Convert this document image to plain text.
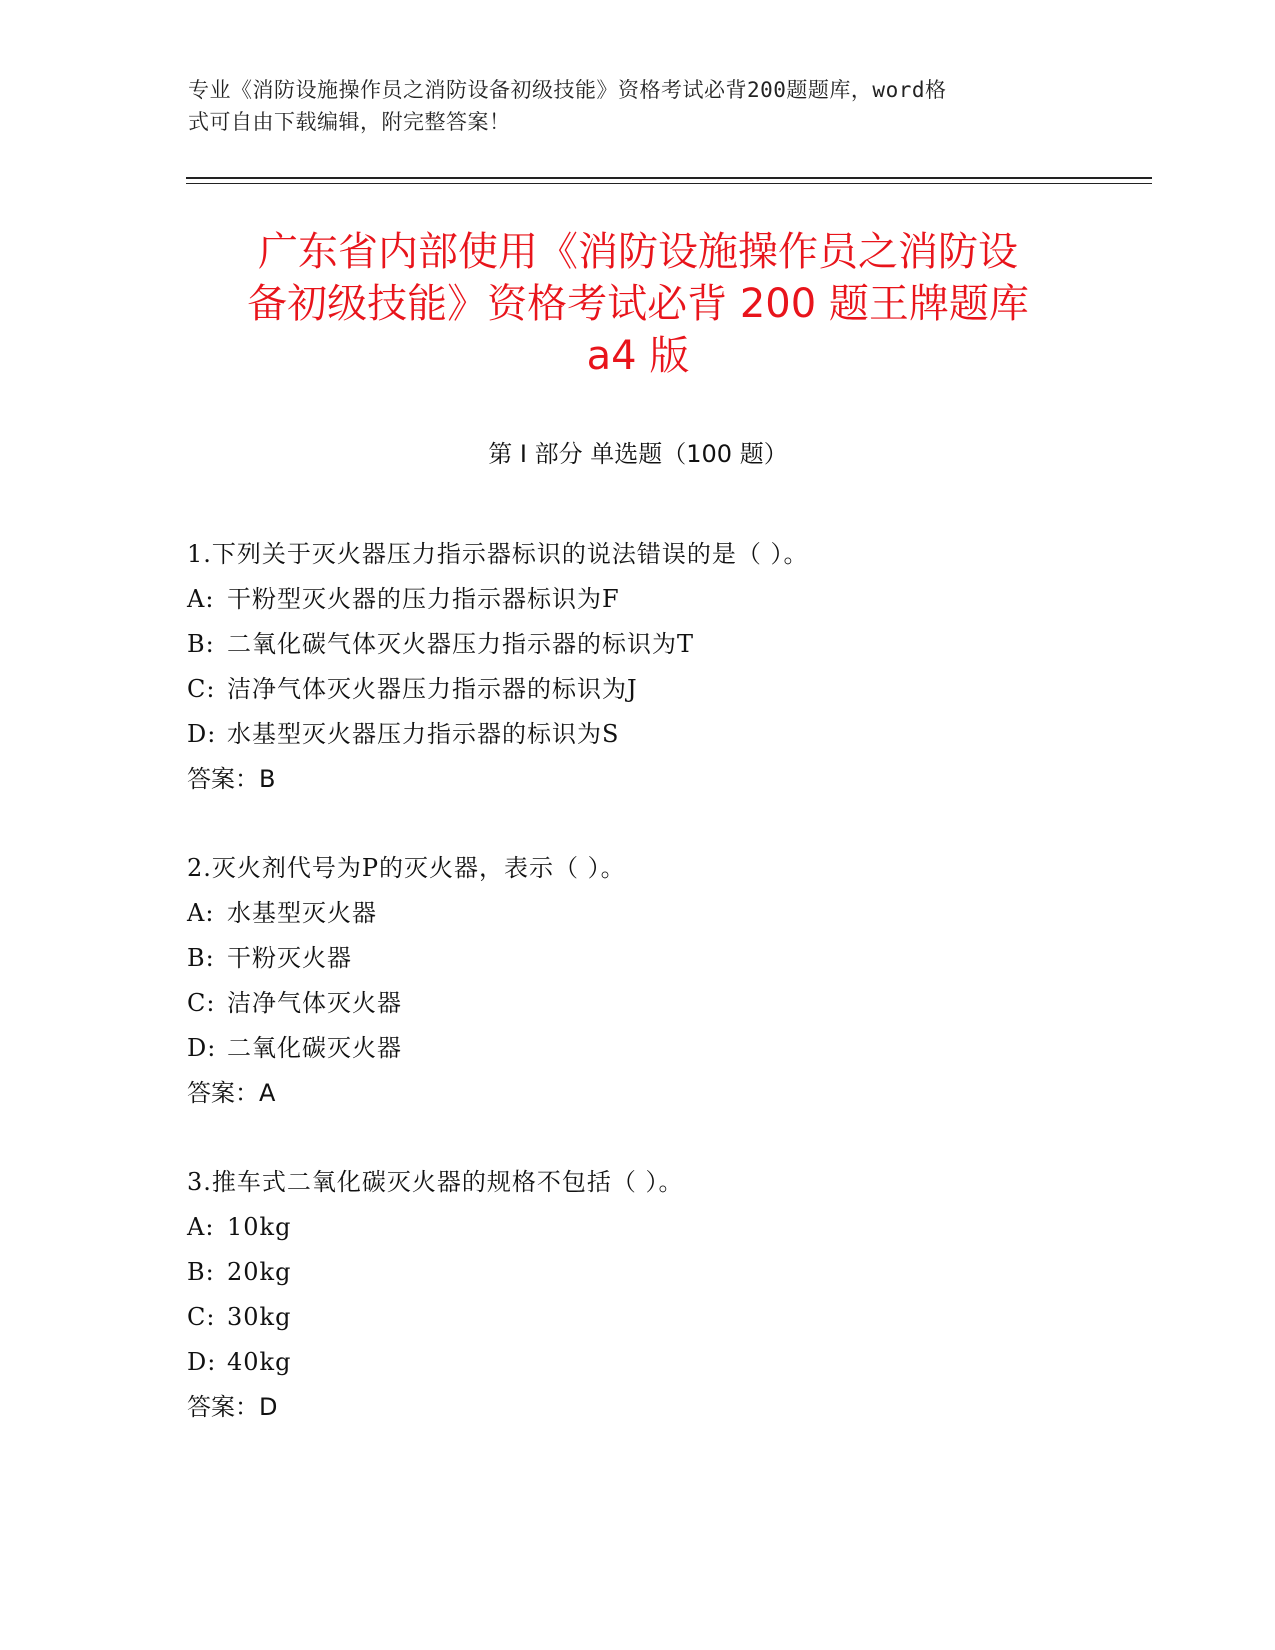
专业《消防设施操作员之消防设备初级技能》资格考试必背200题题库，word格
式可自由下载编辑，附完整答案！
广东省内部使用《消防设施操作员之消防设
备初级技能》资格考试必背 200 题王牌题库
a4 版
第 I 部分 单选题（100 题）
1.下列关于灭火器压力指示器标识的说法错误的是（ ）。
A: 干粉型灭火器的压力指示器标识为F
B: 二氧化碳气体灭火器压力指示器的标识为T
C: 洁净气体灭火器压力指示器的标识为J
D: 水基型灭火器压力指示器的标识为S
答案：B
2.灭火剂代号为P的灭火器，表示（ ）。
A: 水基型灭火器
B: 干粉灭火器
C: 洁净气体灭火器
D: 二氧化碳灭火器
答案：A
3.推车式二氧化碳灭火器的规格不包括（ ）。
A: 10kg
B: 20kg
C: 30kg
D: 40kg
答案：D
